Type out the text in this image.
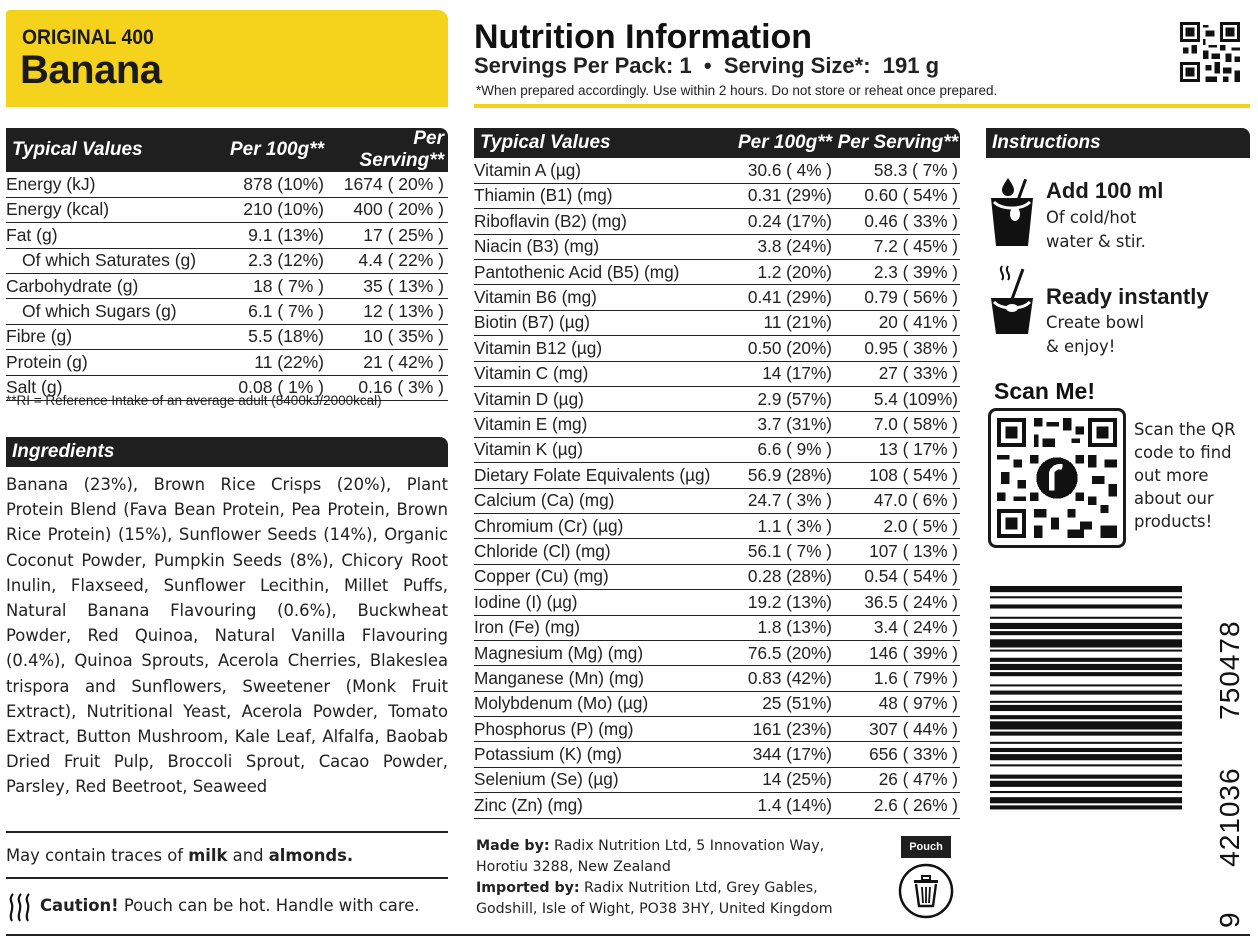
ORIGINAL 400
Banana
Nutrition Information
Servings Per Pack: 1  •  Serving Size*:  191 g
*When prepared accordingly. Use within 2 hours. Do not store or reheat once prepared.
Typical Values	Per 100g**	Per Serving**
Energy (kJ)	878 (10%)	1674 ( 20% )
Energy (kcal)	210 (10%)	400 ( 20% )
Fat (g)	9.1 (13%)	17 ( 25% )
Of which Saturates (g)	2.3 (12%)	4.4 ( 22% )
Carbohydrate (g)	18 ( 7% )	35 ( 13% )
Of which Sugars (g)	6.1 ( 7% )	12 ( 13% )
Fibre (g)	5.5 (18%)	10 ( 35% )
Protein (g)	11 (22%)	21 ( 42% )
Salt (g)	0.08 ( 1% )	0.16 ( 3% )
**RI = Reference Intake of an average adult (8400kJ/2000kcal)
Ingredients
Banana (23%), Brown Rice Crisps (20%), Plant Protein Blend (Fava Bean Protein, Pea Protein, Brown Rice Protein) (15%), Sunflower Seeds (14%), Organic Coconut Powder, Pumpkin Seeds (8%), Chicory Root Inulin, Flaxseed, Sunflower Lecithin, Millet Puffs, Natural Banana Flavouring (0.6%), Buckwheat Powder, Red Quinoa, Natural Vanilla Flavouring (0.4%), Quinoa Sprouts, Acerola Cherries, Blakeslea trispora and Sunflowers, Sweetener (Monk Fruit Extract), Nutritional Yeast, Acerola Powder, Tomato Extract, Button Mushroom, Kale Leaf, Alfalfa, Baobab Dried Fruit Pulp, Broccoli Sprout, Cacao Powder, Parsley, Red Beetroot, Seaweed
May contain traces of milk and almonds.
Caution! Pouch can be hot. Handle with care.
Typical Values	Per 100g**	Per Serving**
Vitamin A (µg)	30.6 ( 4% )	58.3 ( 7% )
Thiamin (B1) (mg)	0.31 (29%)	0.60 ( 54% )
Riboflavin (B2) (mg)	0.24 (17%)	0.46 ( 33% )
Niacin (B3) (mg)	3.8 (24%)	7.2 ( 45% )
Pantothenic Acid (B5) (mg)	1.2 (20%)	2.3 ( 39% )
Vitamin B6 (mg)	0.41 (29%)	0.79 ( 56% )
Biotin (B7) (µg)	11 (21%)	20 ( 41% )
Vitamin B12 (µg)	0.50 (20%)	0.95 ( 38% )
Vitamin C (mg)	14 (17%)	27 ( 33% )
Vitamin D (µg)	2.9 (57%)	5.4 (109%)
Vitamin E (mg)	3.7 (31%)	7.0 ( 58% )
Vitamin K (µg)	6.6 ( 9% )	13 ( 17% )
Dietary Folate Equivalents (µg)	56.9 (28%)	108 ( 54% )
Calcium (Ca) (mg)	24.7 ( 3% )	47.0 ( 6% )
Chromium (Cr) (µg)	1.1 ( 3% )	2.0 ( 5% )
Chloride (Cl) (mg)	56.1 ( 7% )	107 ( 13% )
Copper (Cu) (mg)	0.28 (28%)	0.54 ( 54% )
Iodine (I) (µg)	19.2 (13%)	36.5 ( 24% )
Iron (Fe) (mg)	1.8 (13%)	3.4 ( 24% )
Magnesium (Mg) (mg)	76.5 (20%)	146 ( 39% )
Manganese (Mn) (mg)	0.83 (42%)	1.6 ( 79% )
Molybdenum (Mo) (µg)	25 (51%)	48 ( 97% )
Phosphorus (P) (mg)	161 (23%)	307 ( 44% )
Potassium (K) (mg)	344 (17%)	656 ( 33% )
Selenium (Se) (µg)	14 (25%)	26 ( 47% )
Zinc (Zn) (mg)	1.4 (14%)	2.6 ( 26% )
Made by: Radix Nutrition Ltd, 5 Innovation Way, Horotiu 3288, New Zealand
Imported by: Radix Nutrition Ltd, Grey Gables, Godshill, Isle of Wight, PO38 3HY, United Kingdom
Pouch
Instructions
Add 100 ml
Of cold/hot
water & stir.
Ready instantly
Create bowl
& enjoy!
Scan Me!
Scan the QR code to find out more about our products!
9  421036  750478
